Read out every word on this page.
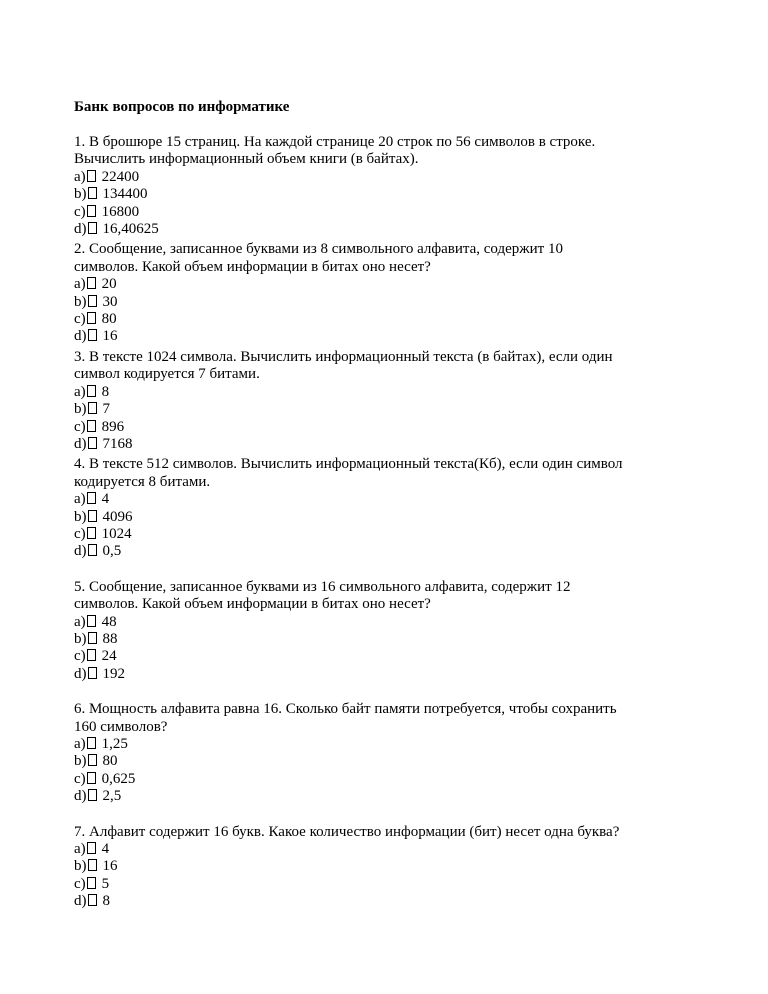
Банк вопросов по информатике

1. В брошюре 15 страниц. На каждой странице 20 строк по 56 символов в строке.

Вычислить информационный объем книги (в байтах).

a) 22400
b) 134400
c) 16800
d) 16,40625

2. Сообщение, записанное буквами из 8 символьного алфавита, содержит 10

символов. Какой объем информации в битах оно несет?

a) 20
b) 30
c) 80
d) 16

3. В тексте 1024 символа. Вычислить информационный текста (в байтах), если один

символ кодируется 7 битами.

a) 8
b) 7
c) 896
d) 7168

4. В тексте 512 символов. Вычислить информационный текста(Кб), если один символ

кодируется 8 битами.

a) 4
b) 4096
c) 1024
d) 0,5

5. Сообщение, записанное буквами из 16 символьного алфавита, содержит 12

символов. Какой объем информации в битах оно несет?

a) 48
b) 88
c) 24
d) 192

6. Мощность алфавита равна 16. Сколько байт памяти потребуется, чтобы сохранить

160 символов?

a) 1,25
b) 80
c) 0,625
d) 2,5

7. Алфавит содержит 16 букв. Какое количество информации (бит) несет одна буква?

a) 4
b) 16
c) 5
d) 8
